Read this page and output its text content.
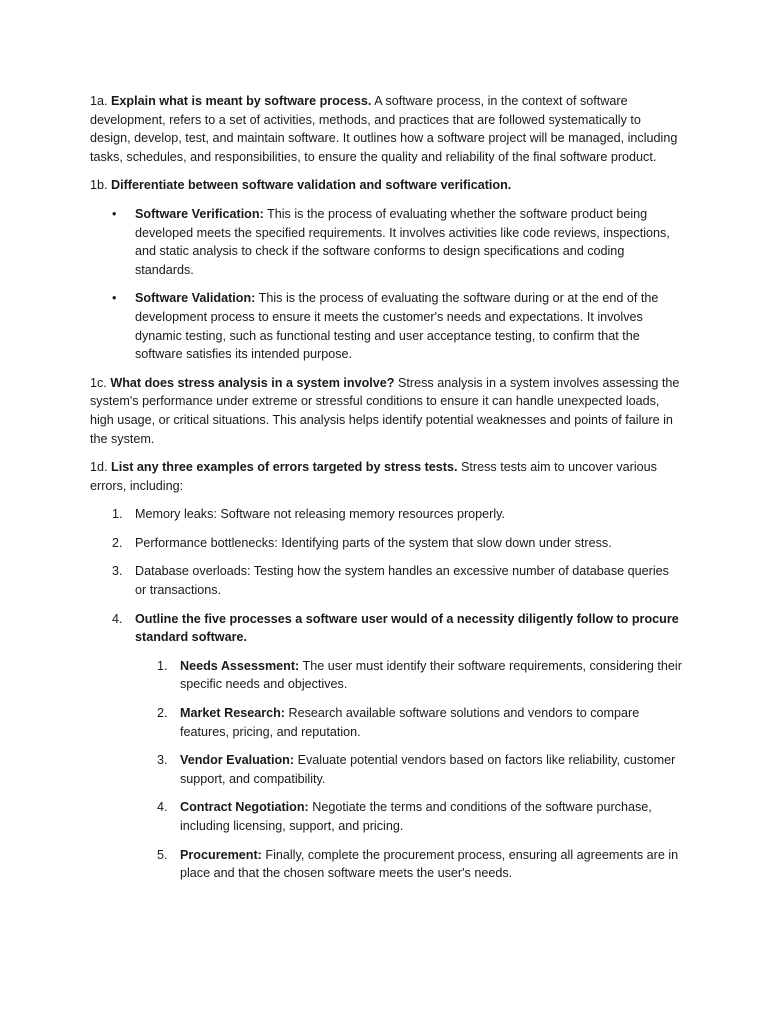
1a. Explain what is meant by software process. A software process, in the context of software development, refers to a set of activities, methods, and practices that are followed systematically to design, develop, test, and maintain software. It outlines how a software project will be managed, including tasks, schedules, and responsibilities, to ensure the quality and reliability of the final software product.

1b. Differentiate between software validation and software verification.

• Software Verification: This is the process of evaluating whether the software product being developed meets the specified requirements. It involves activities like code reviews, inspections, and static analysis to check if the software conforms to design specifications and coding standards.
• Software Validation: This is the process of evaluating the software during or at the end of the development process to ensure it meets the customer's needs and expectations. It involves dynamic testing, such as functional testing and user acceptance testing, to confirm that the software satisfies its intended purpose.

1c. What does stress analysis in a system involve? Stress analysis in a system involves assessing the system's performance under extreme or stressful conditions to ensure it can handle unexpected loads, high usage, or critical situations. This analysis helps identify potential weaknesses and points of failure in the system.

1d. List any three examples of errors targeted by stress tests. Stress tests aim to uncover various errors, including:

1. Memory leaks: Software not releasing memory resources properly.
2. Performance bottlenecks: Identifying parts of the system that slow down under stress.
3. Database overloads: Testing how the system handles an excessive number of database queries or transactions.
4. Outline the five processes a software user would of a necessity diligently follow to procure standard software.
1. Needs Assessment: The user must identify their software requirements, considering their specific needs and objectives.
2. Market Research: Research available software solutions and vendors to compare features, pricing, and reputation.
3. Vendor Evaluation: Evaluate potential vendors based on factors like reliability, customer support, and compatibility.
4. Contract Negotiation: Negotiate the terms and conditions of the software purchase, including licensing, support, and pricing.
5. Procurement: Finally, complete the procurement process, ensuring all agreements are in place and that the chosen software meets the user's needs.
